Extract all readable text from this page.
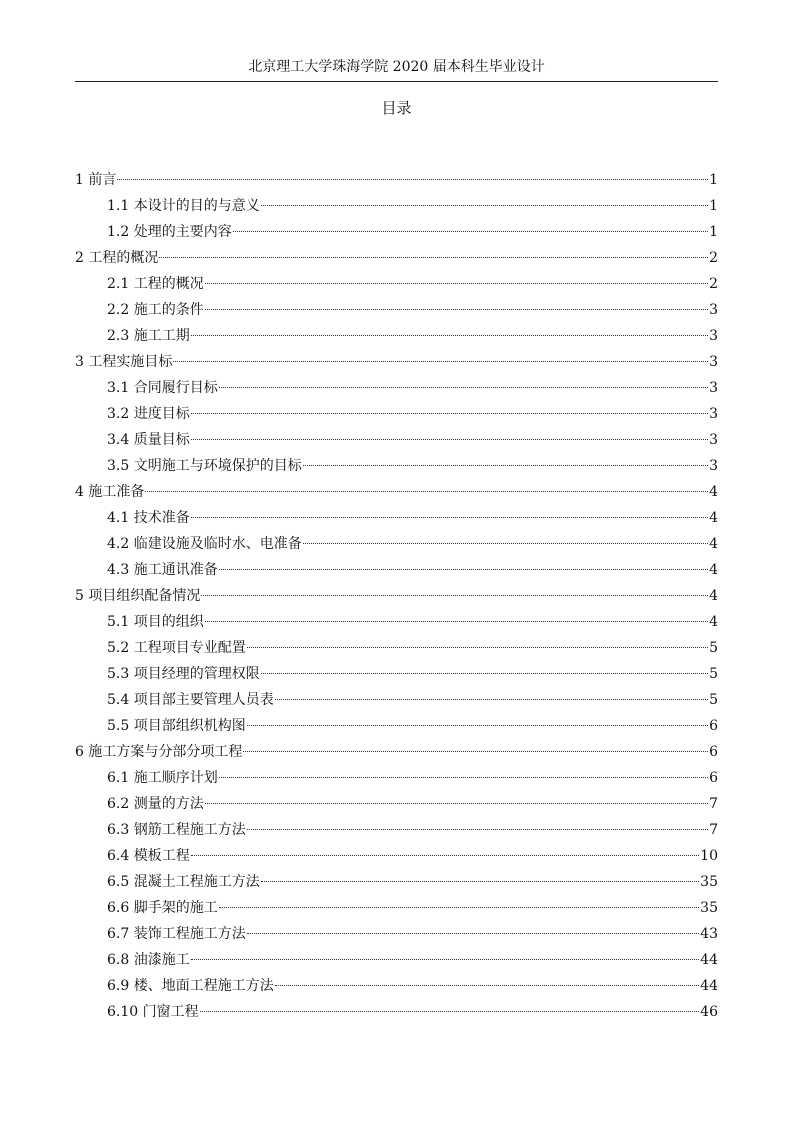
北京理工大学珠海学院 2020 届本科生毕业设计
目录
1 前言	1
1.1 本设计的目的与意义	1
1.2 处理的主要内容	1
2 工程的概况	2
2.1 工程的概况	2
2.2 施工的条件	3
2.3 施工工期	3
3 工程实施目标	3
3.1 合同履行目标	3
3.2 进度目标	3
3.4 质量目标	3
3.5 文明施工与环境保护的目标	3
4 施工准备	4
4.1 技术准备	4
4.2 临建设施及临时水、电准备	4
4.3 施工通讯准备	4
5 项目组织配备情况	4
5.1 项目的组织	4
5.2 工程项目专业配置	5
5.3 项目经理的管理权限	5
5.4 项目部主要管理人员表	5
5.5 项目部组织机构图	6
6 施工方案与分部分项工程	6
6.1 施工顺序计划	6
6.2 测量的方法	7
6.3 钢筋工程施工方法	7
6.4 模板工程	10
6.5 混凝土工程施工方法	35
6.6 脚手架的施工	35
6.7 装饰工程施工方法	43
6.8 油漆施工	44
6.9 楼、地面工程施工方法	44
6.10 门窗工程	46
